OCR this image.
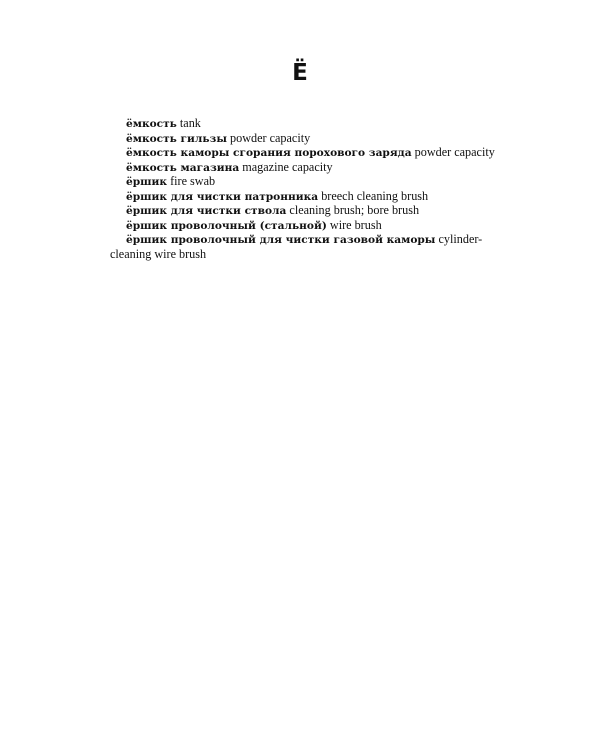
Ё
ёмкость tank
ёмкость гильзы powder capacity
ёмкость каморы сгорания порохового заряда powder capacity
ёмкость магазина magazine capacity
ёршик fire swab
ёршик для чистки патронника breech cleaning brush
ёршик для чистки ствола cleaning brush; bore brush
ёршик проволочный (стальной) wire brush
ёршик проволочный для чистки газовой каморы cylinder-cleaning wire brush
